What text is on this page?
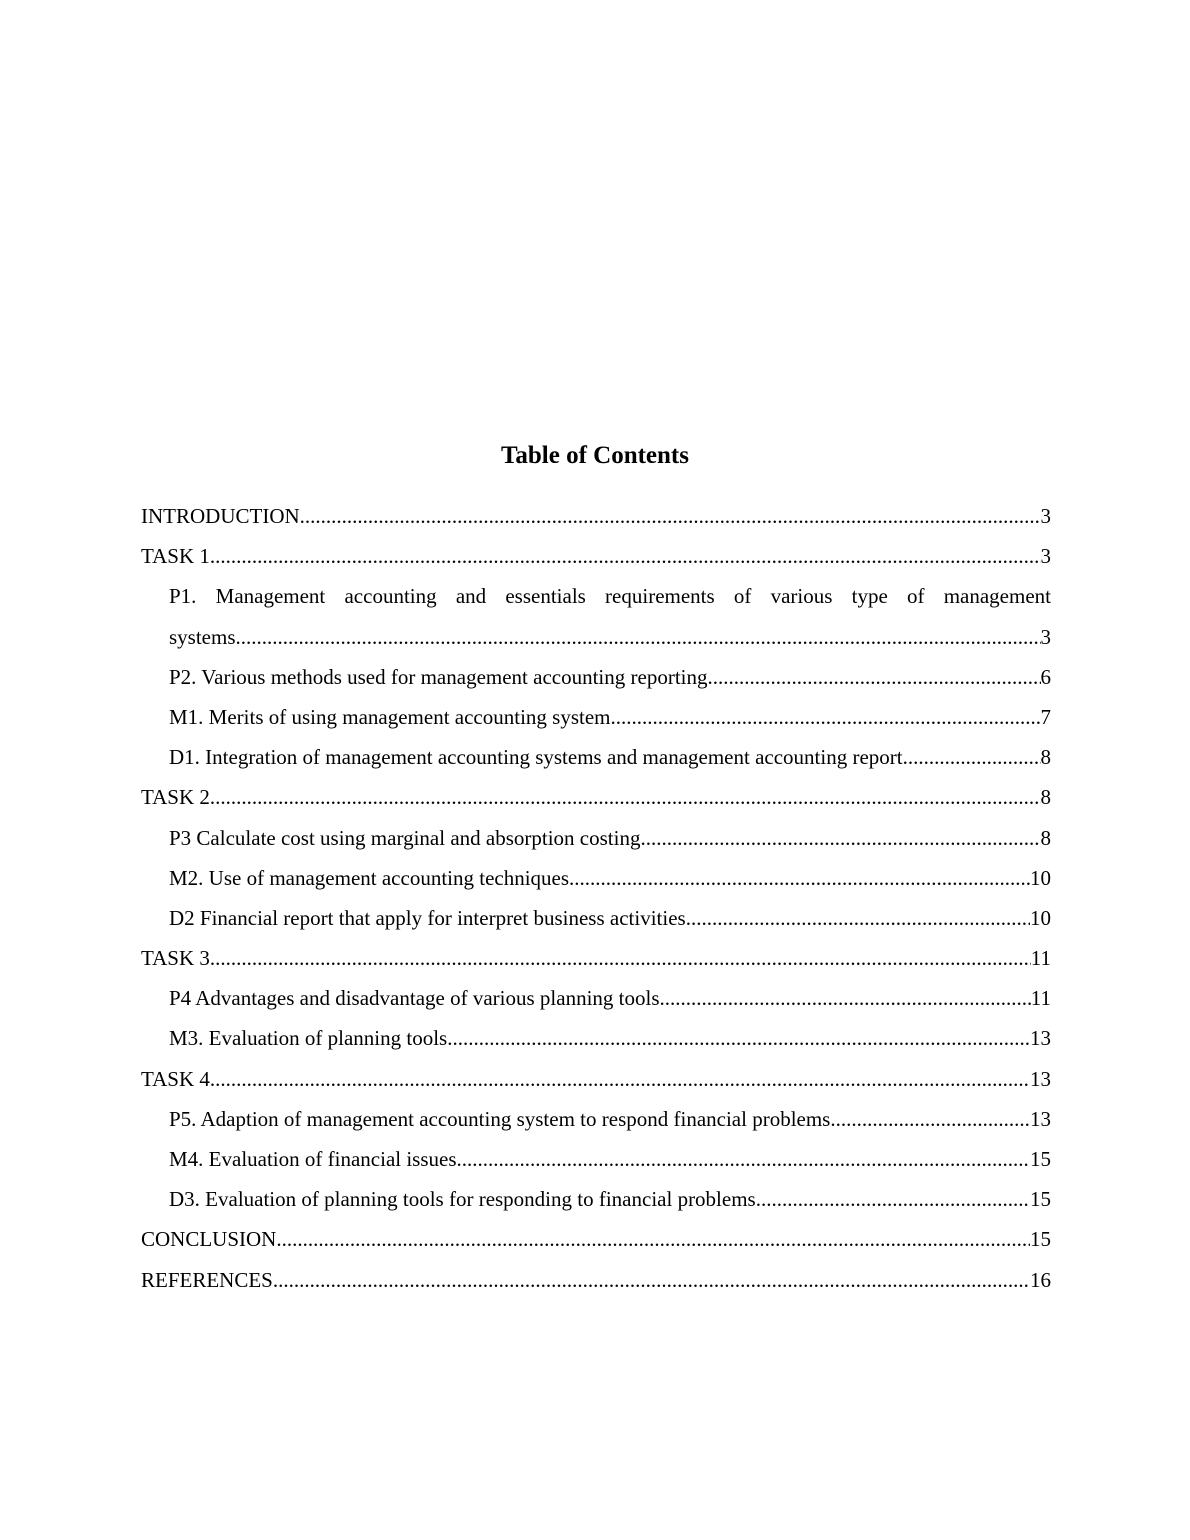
Table of Contents
INTRODUCTION .....	3
TASK 1 .....	3
P1. Management accounting and essentials requirements of various type of management
systems .....	3
P2. Various methods used for management accounting reporting .....	6
M1. Merits of using management accounting system .....	7
D1. Integration of management accounting systems and management accounting report .....	8
TASK 2 .....	8
P3 Calculate cost using marginal and absorption costing .....	8
M2. Use of management accounting techniques .....	10
D2 Financial report that apply for interpret business activities .....	10
TASK 3 .....	11
P4 Advantages and disadvantage of various planning tools .....	11
M3. Evaluation of planning tools .....	13
TASK 4 .....	13
P5. Adaption of management accounting system to respond financial problems .....	13
M4. Evaluation of financial issues .....	15
D3. Evaluation of planning tools for responding to financial problems .....	15
CONCLUSION .....	15
REFERENCES .....	16
